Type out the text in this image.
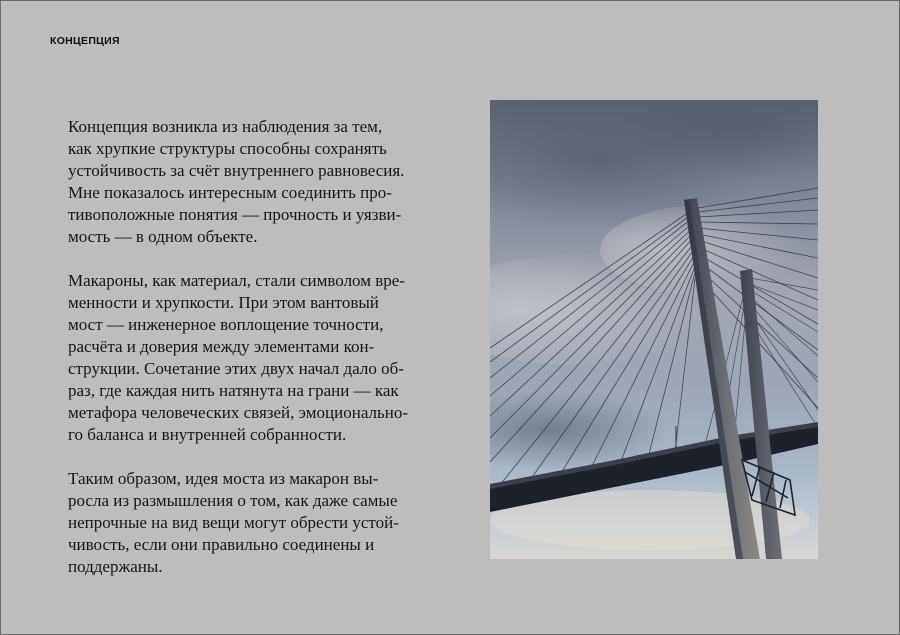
КОНЦЕПЦИЯ

Концепция возникла из наблюдения за тем,
как хрупкие структуры способны сохранять
устойчивость за счёт внутреннего равновесия.
Мне показалось интересным соединить про-
тивоположные понятия — прочность и уязви-
мость — в одном объекте.

Макароны, как материал, стали символом вре-
менности и хрупкости. При этом вантовый
мост — инженерное воплощение точности,
расчёта и доверия между элементами кон-
струкции. Сочетание этих двух начал дало об-
раз, где каждая нить натянута на грани — как
метафора человеческих связей, эмоционально-
го баланса и внутренней собранности.

Таким образом, идея моста из макарон вы-
росла из размышления о том, как даже самые
непрочные на вид вещи могут обрести устой-
чивость, если они правильно соединены и
поддержаны.
